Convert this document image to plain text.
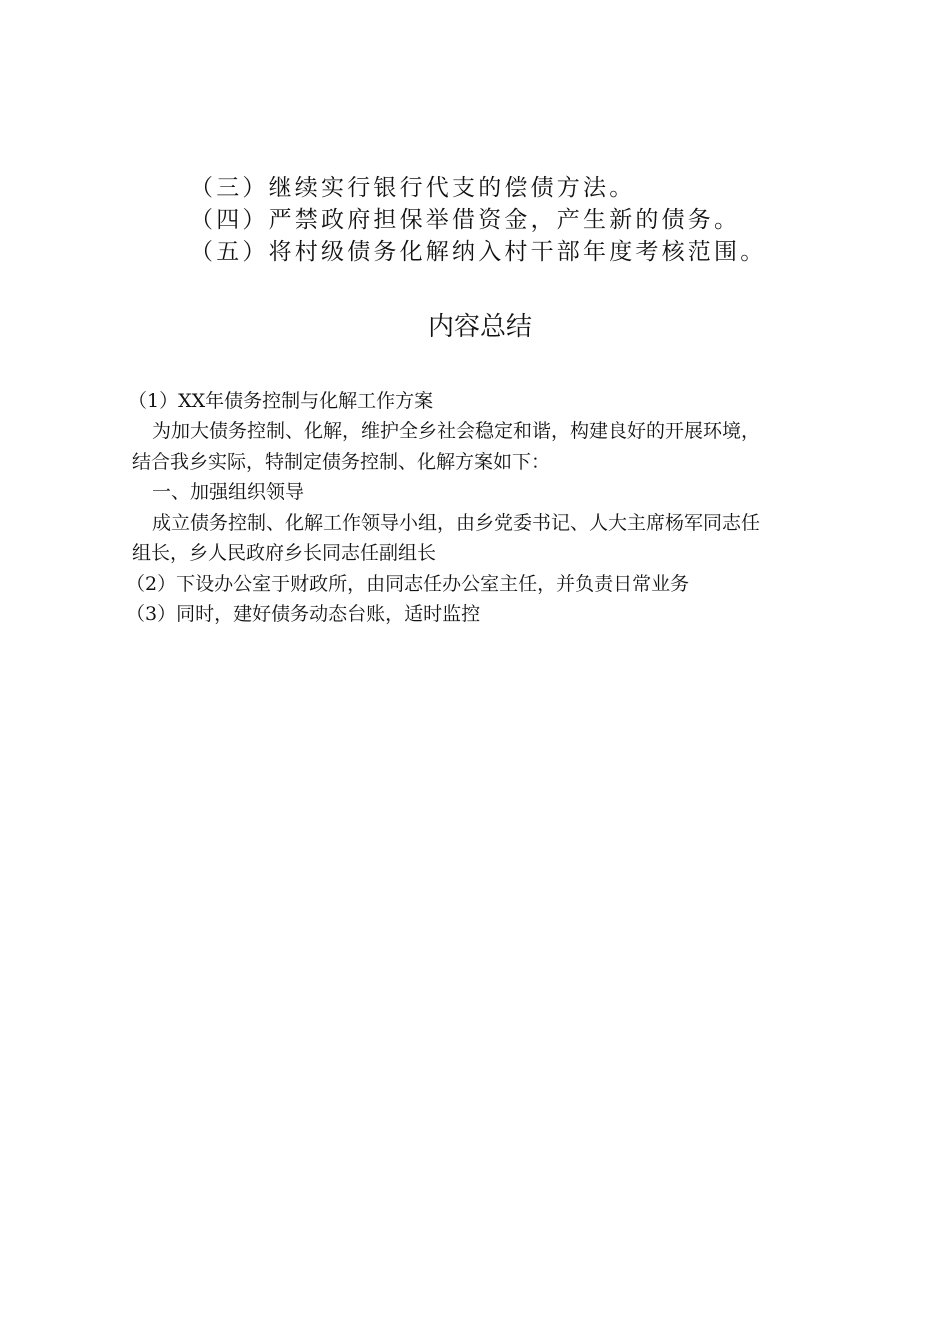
（三）继续实行银行代支的偿债方法。
（四）严禁政府担保举借资金，产生新的债务。
（五）将村级债务化解纳入村干部年度考核范围。
内容总结
（1）XX年债务控制与化解工作方案
为加大债务控制、化解，维护全乡社会稳定和谐，构建良好的开展环境，
结合我乡实际，特制定债务控制、化解方案如下：
一、加强组织领导
成立债务控制、化解工作领导小组，由乡党委书记、人大主席杨军同志任
组长，乡人民政府乡长同志任副组长
（2）下设办公室于财政所，由同志任办公室主任，并负责日常业务
（3）同时，建好债务动态台账，适时监控
